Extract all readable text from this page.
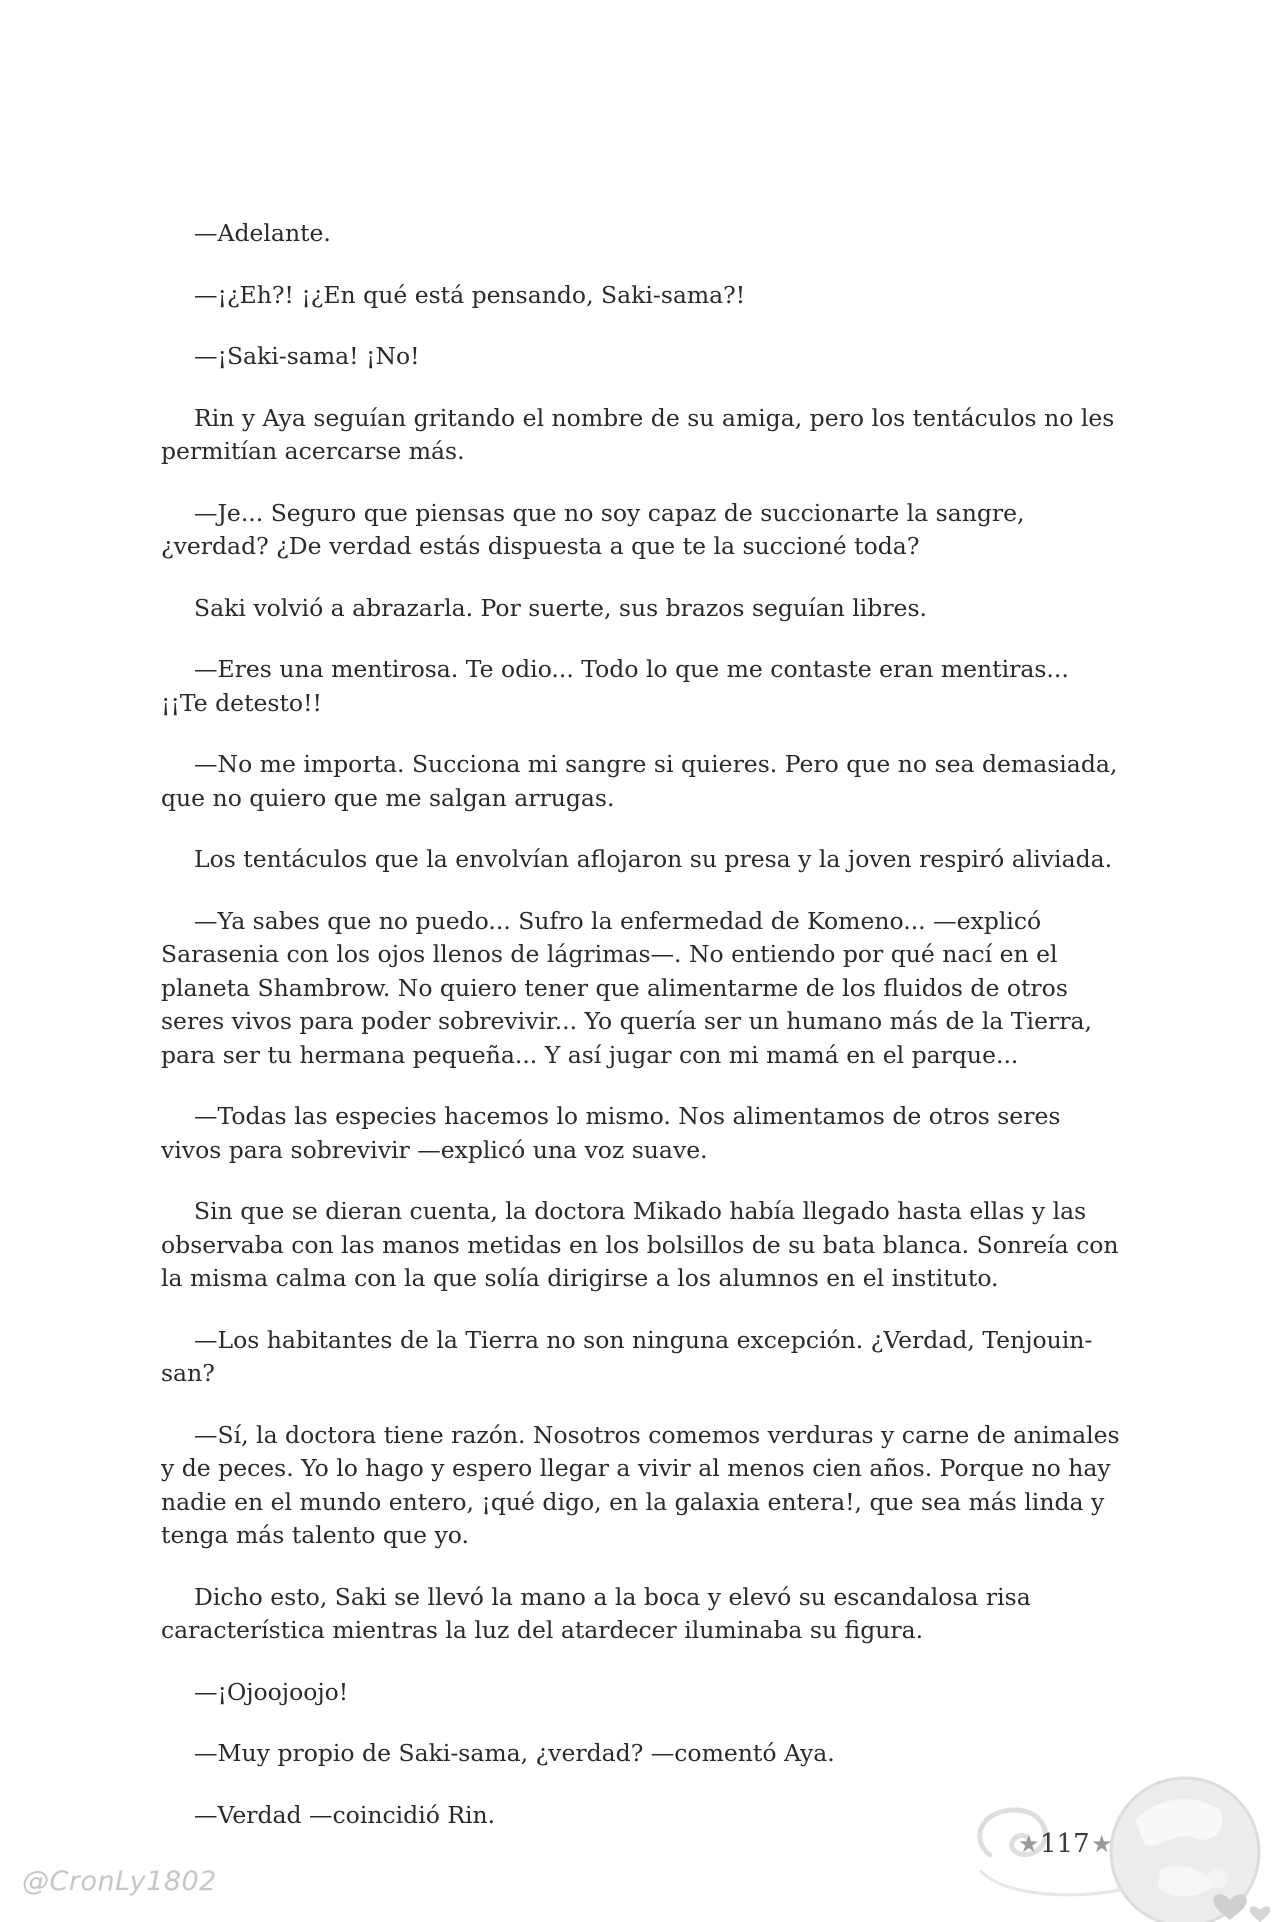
—Adelante.

—¡¿Eh?! ¡¿En qué está pensando, Saki-sama?!

—¡Saki-sama! ¡No!

Rin y Aya seguían gritando el nombre de su amiga, pero los tentáculos no les permitían acercarse más.

—Je... Seguro que piensas que no soy capaz de succionarte la sangre, ¿verdad? ¿De verdad estás dispuesta a que te la succioné toda?

Saki volvió a abrazarla. Por suerte, sus brazos seguían libres.

—Eres una mentirosa. Te odio... Todo lo que me contaste eran mentiras... ¡¡Te detesto!!

—No me importa. Succiona mi sangre si quieres. Pero que no sea demasiada, que no quiero que me salgan arrugas.

Los tentáculos que la envolvían aflojaron su presa y la joven respiró aliviada.

—Ya sabes que no puedo... Sufro la enfermedad de Komeno... —explicó Sarasenia con los ojos llenos de lágrimas—. No entiendo por qué nací en el planeta Shambrow. No quiero tener que alimentarme de los fluidos de otros seres vivos para poder sobrevivir... Yo quería ser un humano más de la Tierra, para ser tu hermana pequeña... Y así jugar con mi mamá en el parque...

—Todas las especies hacemos lo mismo. Nos alimentamos de otros seres vivos para sobrevivir —explicó una voz suave.

Sin que se dieran cuenta, la doctora Mikado había llegado hasta ellas y las observaba con las manos metidas en los bolsillos de su bata blanca. Sonreía con la misma calma con la que solía dirigirse a los alumnos en el instituto.

—Los habitantes de la Tierra no son ninguna excepción. ¿Verdad, Tenjouin-san?

—Sí, la doctora tiene razón. Nosotros comemos verduras y carne de animales y de peces. Yo lo hago y espero llegar a vivir al menos cien años. Porque no hay nadie en el mundo entero, ¡qué digo, en la galaxia entera!, que sea más linda y tenga más talento que yo.

Dicho esto, Saki se llevó la mano a la boca y elevó su escandalosa risa característica mientras la luz del atardecer iluminaba su figura.

—¡Ojoojoojo!

—Muy propio de Saki-sama, ¿verdad? —comentó Aya.

—Verdad —coincidió Rin.

★ 117 ★
@CronLy1802
